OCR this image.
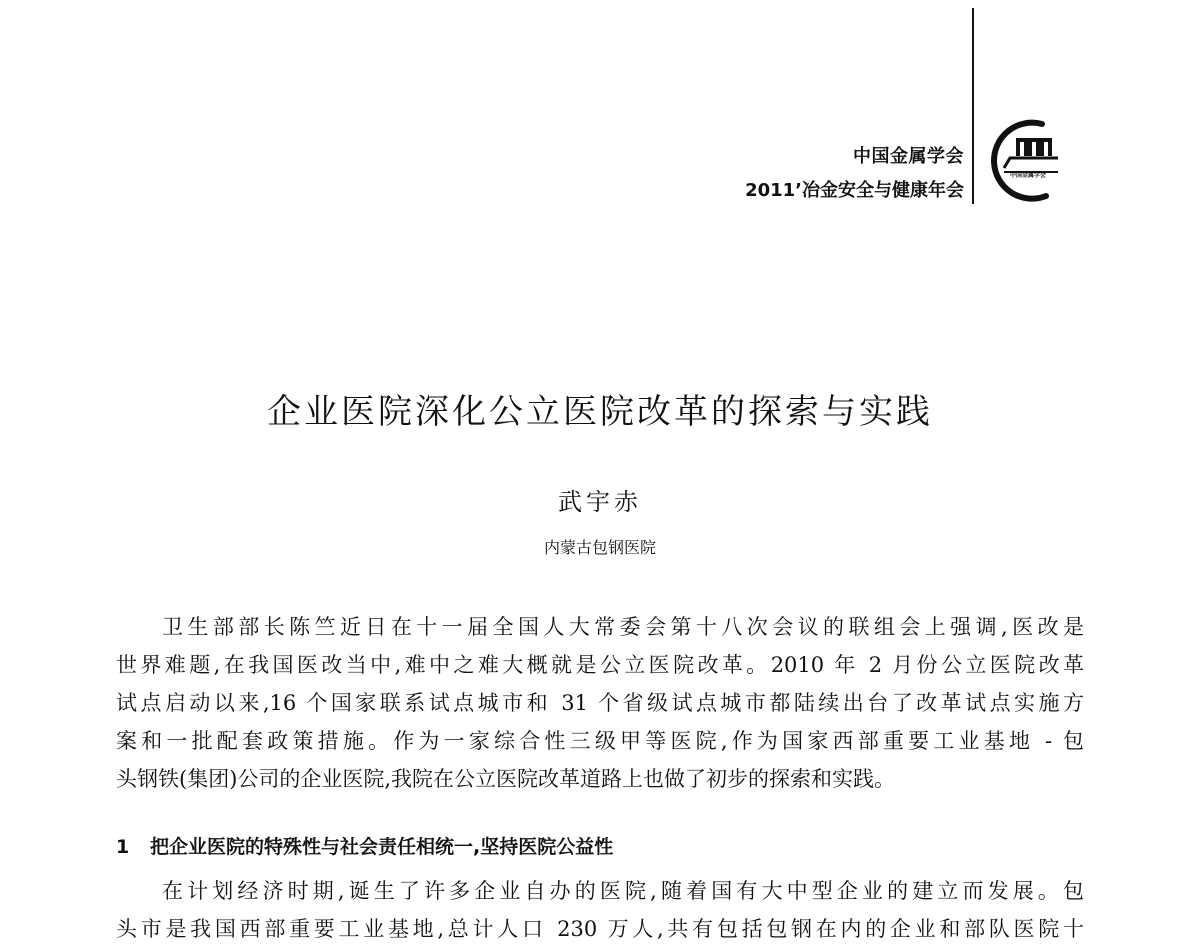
中国金属学会
2011’冶金安全与健康年会
中国金属学会
企业医院深化公立医院改革的探索与实践
武宇赤
内蒙古包钢医院
卫生部部长陈竺近日在十一届全国人大常委会第十八次会议的联组会上强调,医改是
世界难题,在我国医改当中,难中之难大概就是公立医院改革。2010 年 2 月份公立医院改革
试点启动以来,16 个国家联系试点城市和 31 个省级试点城市都陆续出台了改革试点实施方
案和一批配套政策措施。作为一家综合性三级甲等医院,作为国家西部重要工业基地 - 包
头钢铁(集团)公司的企业医院,我院在公立医院改革道路上也做了初步的探索和实践。
1 把企业医院的特殊性与社会责任相统一,坚持医院公益性
在计划经济时期,诞生了许多企业自办的医院,随着国有大中型企业的建立而发展。包
头市是我国西部重要工业基地,总计人口 230 万人,共有包括包钢在内的企业和部队医院十
